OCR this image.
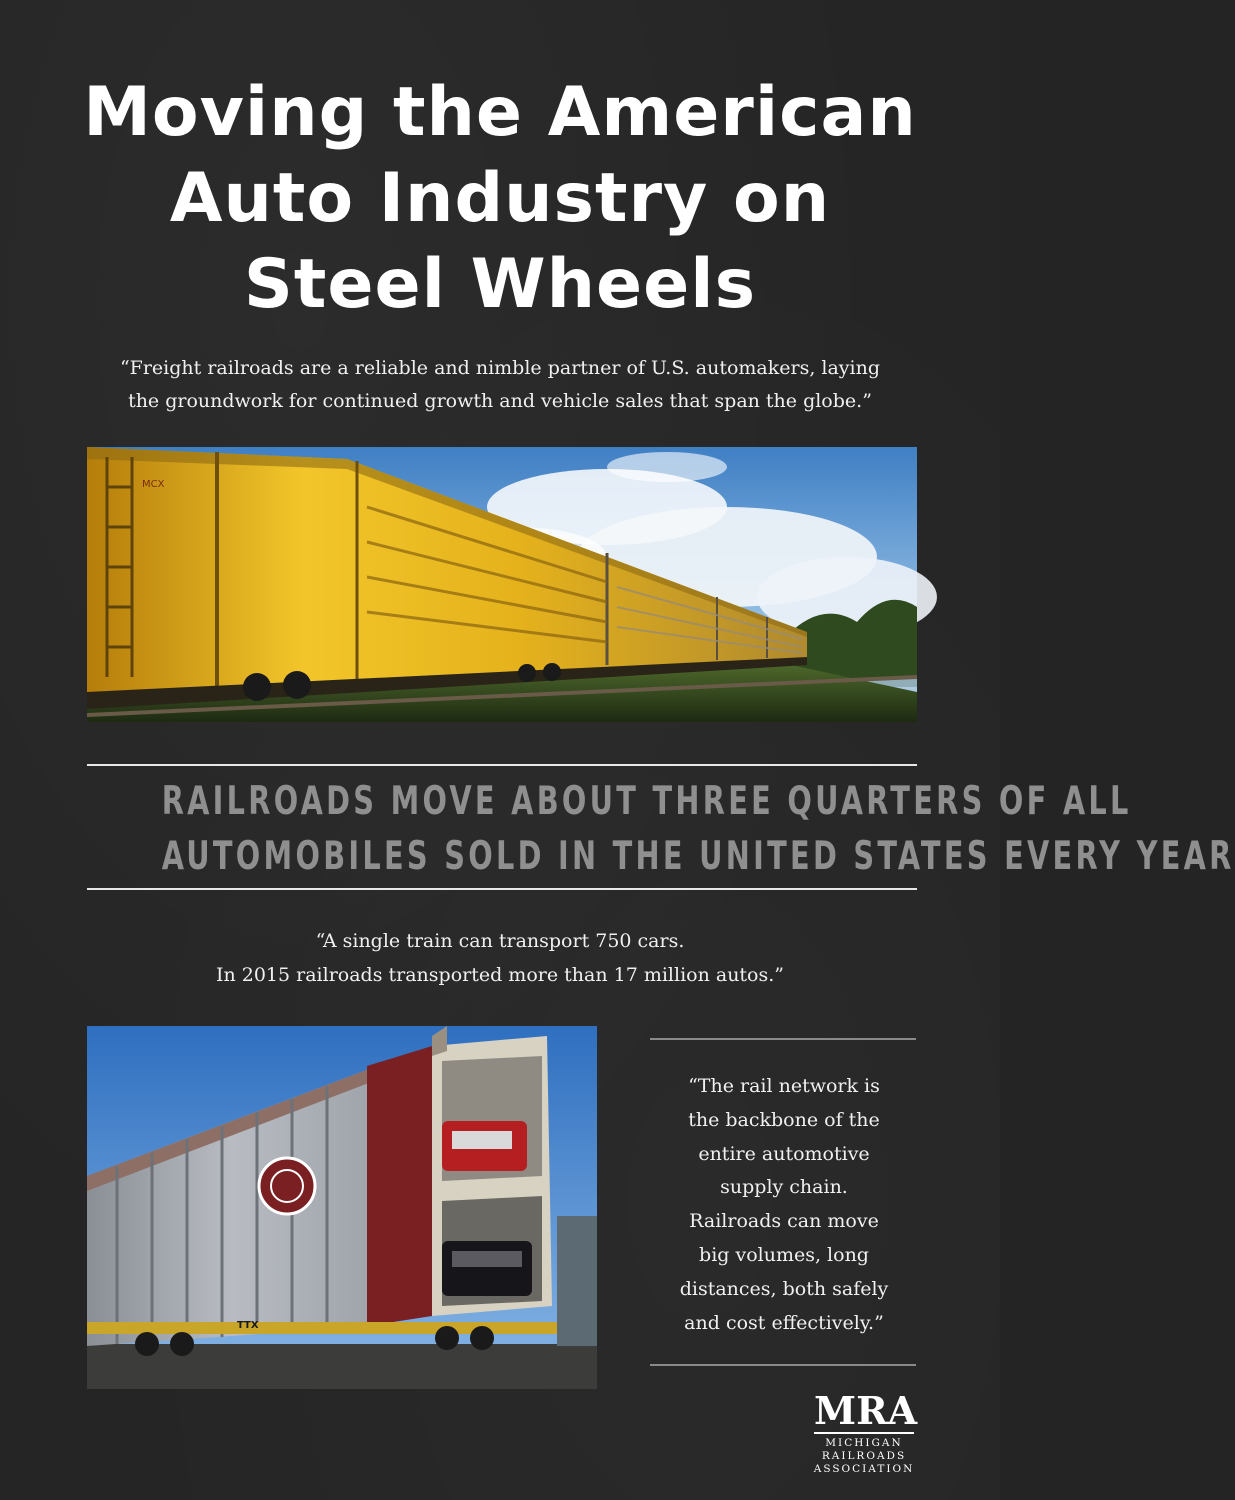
Moving the American
Auto Industry on
Steel Wheels

“Freight railroads are a reliable and nimble partner of U.S. automakers, laying
the groundwork for continued growth and vehicle sales that span the globe.”

MCX
RAILROADS MOVE ABOUT THREE QUARTERS OF ALL
AUTOMOBILES SOLD IN THE UNITED STATES EVERY YEAR

“A single train can transport 750 cars.
In 2015 railroads transported more than 17 million autos.”

TTX

“The rail network is
the backbone of the
entire automotive
supply chain.
Railroads can move
big volumes, long
distances, both safely
and cost effectively.”

MRA
MICHIGAN
RAILROADS
ASSOCIATION
